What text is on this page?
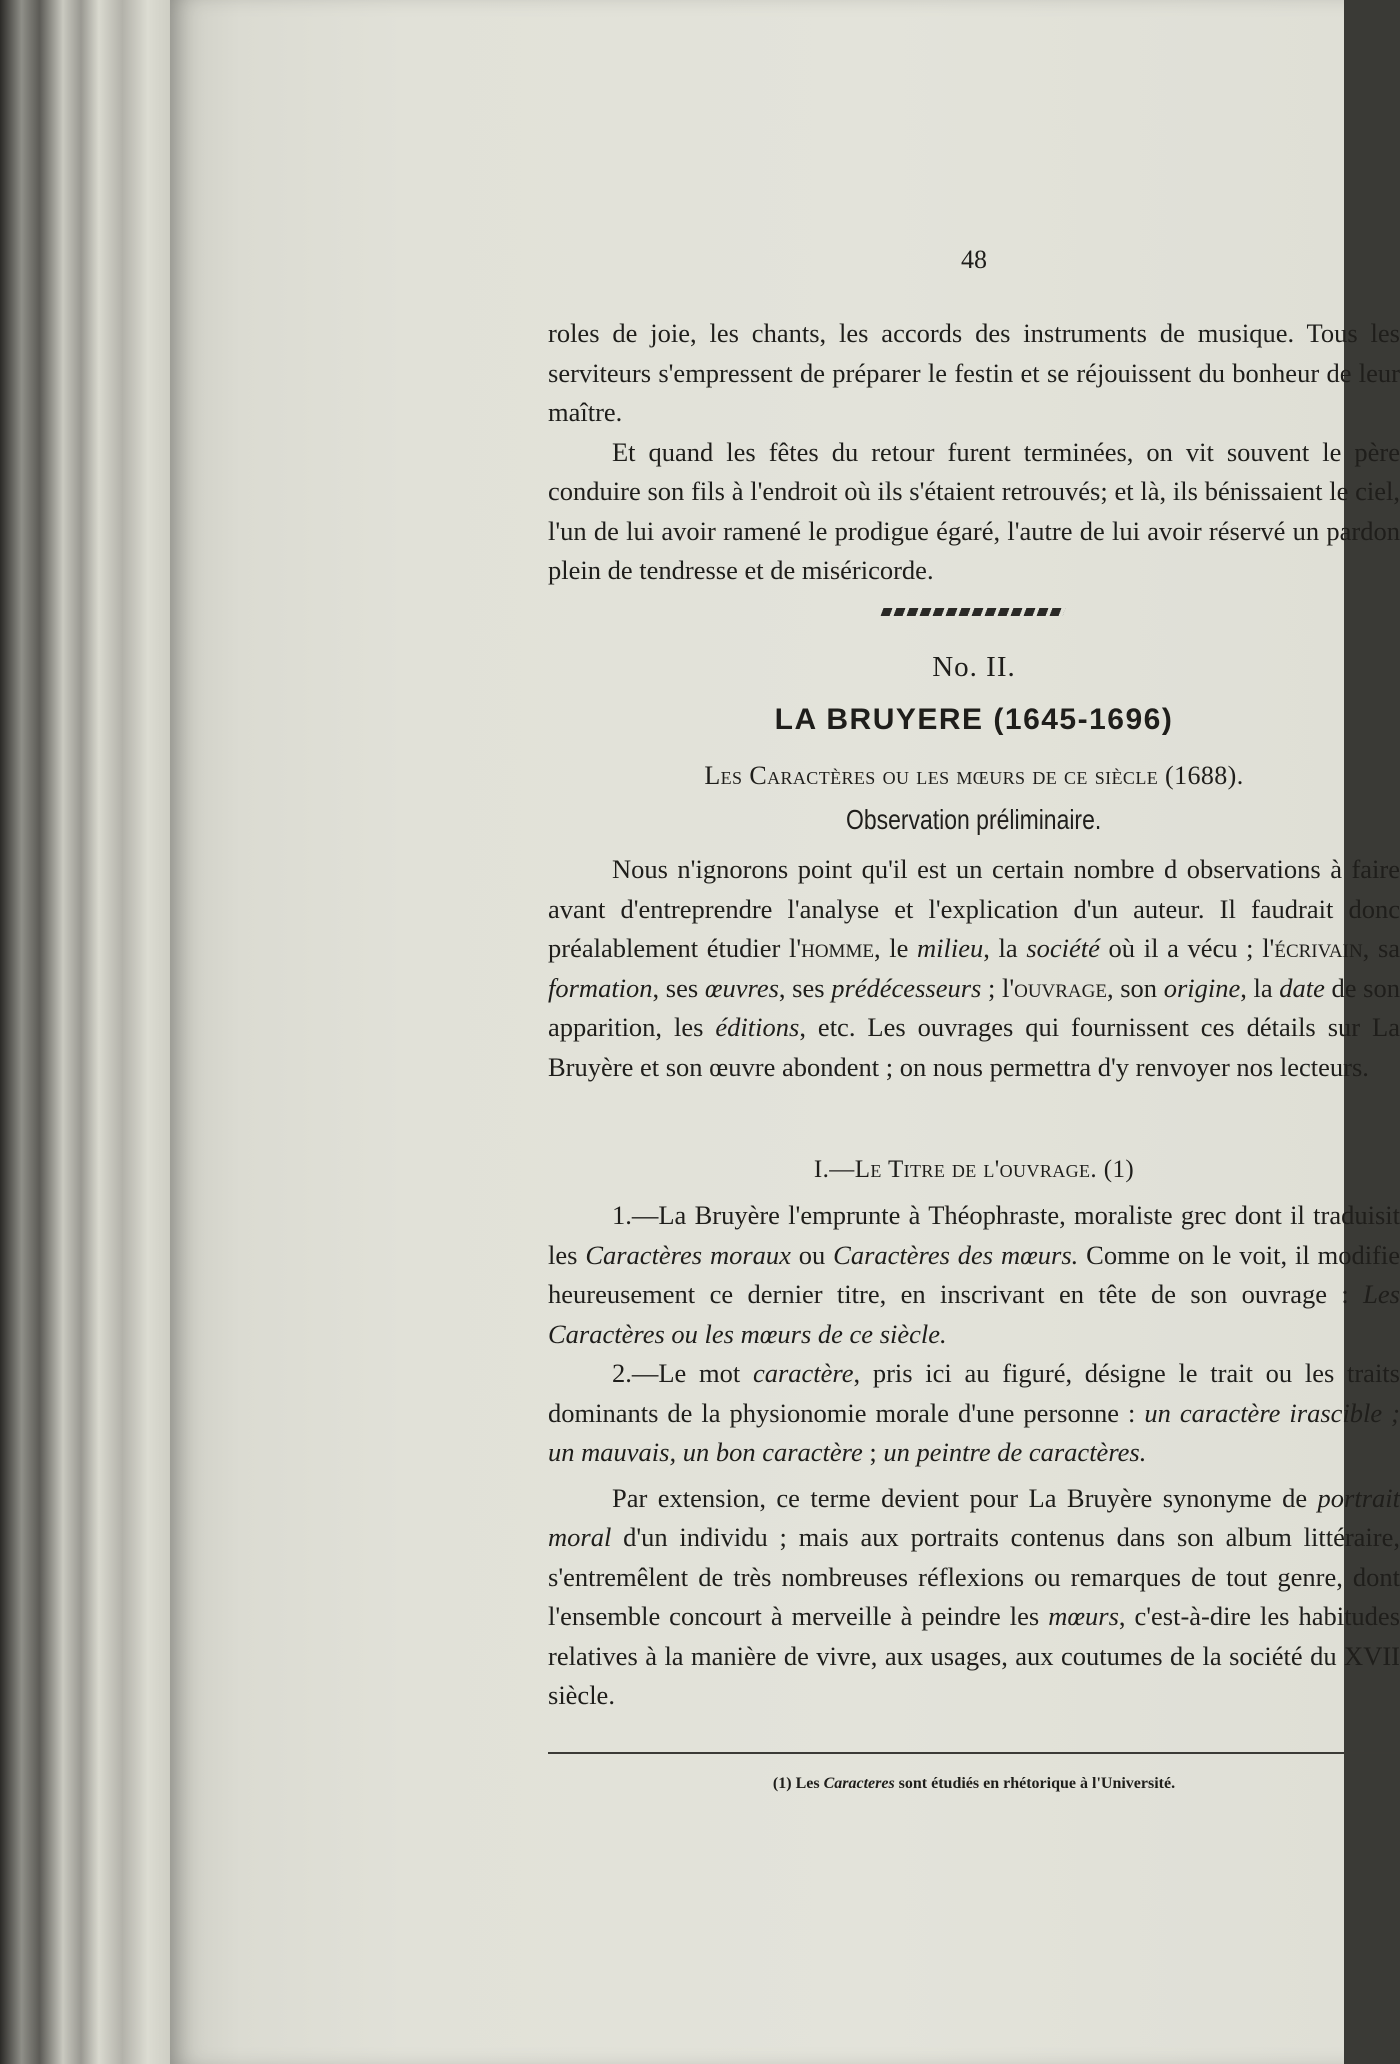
48

roles de joie, les chants, les accords des instruments de musique. Tous les serviteurs s'empressent de préparer le festin et se réjouissent du bonheur de leur maître.

Et quand les fêtes du retour furent terminées, on vit souvent le père conduire son fils à l'endroit où ils s'étaient retrouvés; et là, ils bénissaient le ciel, l'un de lui avoir ramené le prodigue égaré, l'autre de lui avoir réservé un pardon plein de tendresse et de miséricorde.

No. II.
LA BRUYERE (1645-1696)
Les Caractères ou les mœurs de ce siècle (1688).
Observation préliminaire.

Nous n'ignorons point qu'il est un certain nombre d observations à faire avant d'entreprendre l'analyse et l'explication d'un auteur. Il faudrait donc préalablement étudier l'homme, le milieu, la société où il a vécu ; l'écrivain, sa formation, ses œuvres, ses prédécesseurs ; l'ouvrage, son origine, la date de son apparition, les éditions, etc. Les ouvrages qui fournissent ces détails sur La Bruyère et son œuvre abondent ; on nous permettra d'y renvoyer nos lecteurs.

I.—Le Titre de l'ouvrage. (1)

1.—La Bruyère l'emprunte à Théophraste, moraliste grec dont il traduisit les Caractères moraux ou Caractères des mœurs. Comme on le voit, il modifie heureusement ce dernier titre, en inscrivant en tête de son ouvrage : Les Caractères ou les mœurs de ce siècle.

2.—Le mot caractère, pris ici au figuré, désigne le trait ou les traits dominants de la physionomie morale d'une personne : un caractère irascible ; un mauvais, un bon caractère ; un peintre de caractères.

Par extension, ce terme devient pour La Bruyère synonyme de portrait moral d'un individu ; mais aux portraits contenus dans son album littéraire, s'entremêlent de très nombreuses réflexions ou remarques de tout genre, dont l'ensemble concourt à merveille à peindre les mœurs, c'est-à-dire les habitudes relatives à la manière de vivre, aux usages, aux coutumes de la société du XVII siècle.

(1) Les Caracteres sont étudiés en rhétorique à l'Université.
